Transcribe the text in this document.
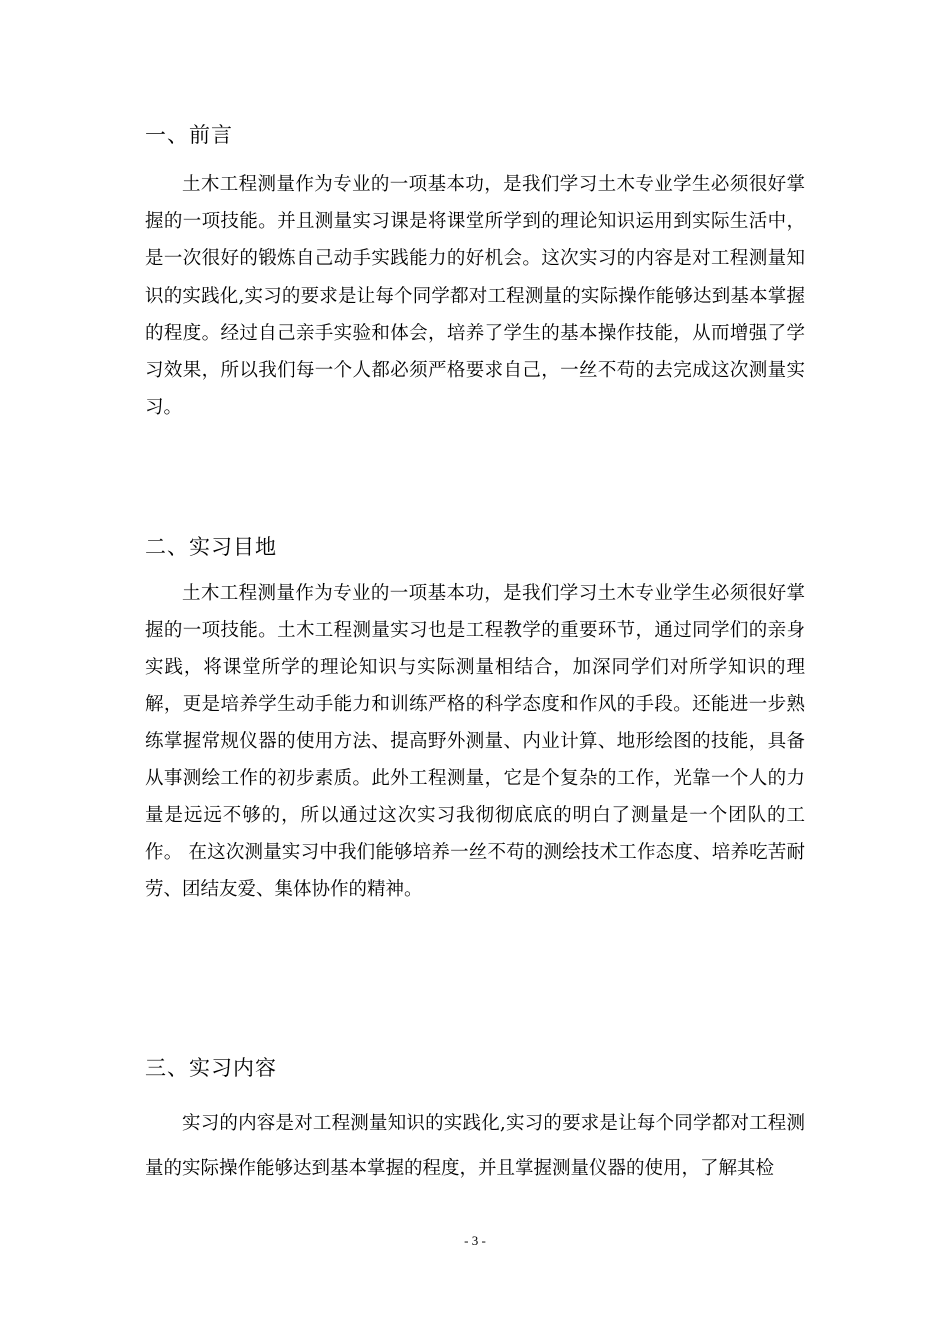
一、前言

土木工程测量作为专业的一项基本功，是我们学习土木专业学生必须很好掌握的一项技能。并且测量实习课是将课堂所学到的理论知识运用到实际生活中，是一次很好的锻炼自己动手实践能力的好机会。这次实习的内容是对工程测量知识的实践化,实习的要求是让每个同学都对工程测量的实际操作能够达到基本掌握的程度。经过自己亲手实验和体会，培养了学生的基本操作技能，从而增强了学习效果，所以我们每一个人都必须严格要求自己，一丝不苟的去完成这次测量实习。

二、实习目地

土木工程测量作为专业的一项基本功，是我们学习土木专业学生必须很好掌握的一项技能。土木工程测量实习也是工程教学的重要环节，通过同学们的亲身实践，将课堂所学的理论知识与实际测量相结合，加深同学们对所学知识的理解，更是培养学生动手能力和训练严格的科学态度和作风的手段。还能进一步熟练掌握常规仪器的使用方法、提高野外测量、内业计算、地形绘图的技能，具备从事测绘工作的初步素质。此外工程测量，它是个复杂的工作，光靠一个人的力量是远远不够的，所以通过这次实习我彻彻底底的明白了测量是一个团队的工作。 在这次测量实习中我们能够培养一丝不苟的测绘技术工作态度、培养吃苦耐劳、团结友爱、集体协作的精神。

三、实习内容

实习的内容是对工程测量知识的实践化,实习的要求是让每个同学都对工程测量的实际操作能够达到基本掌握的程度，并且掌握测量仪器的使用，了解其检

- 3 -
